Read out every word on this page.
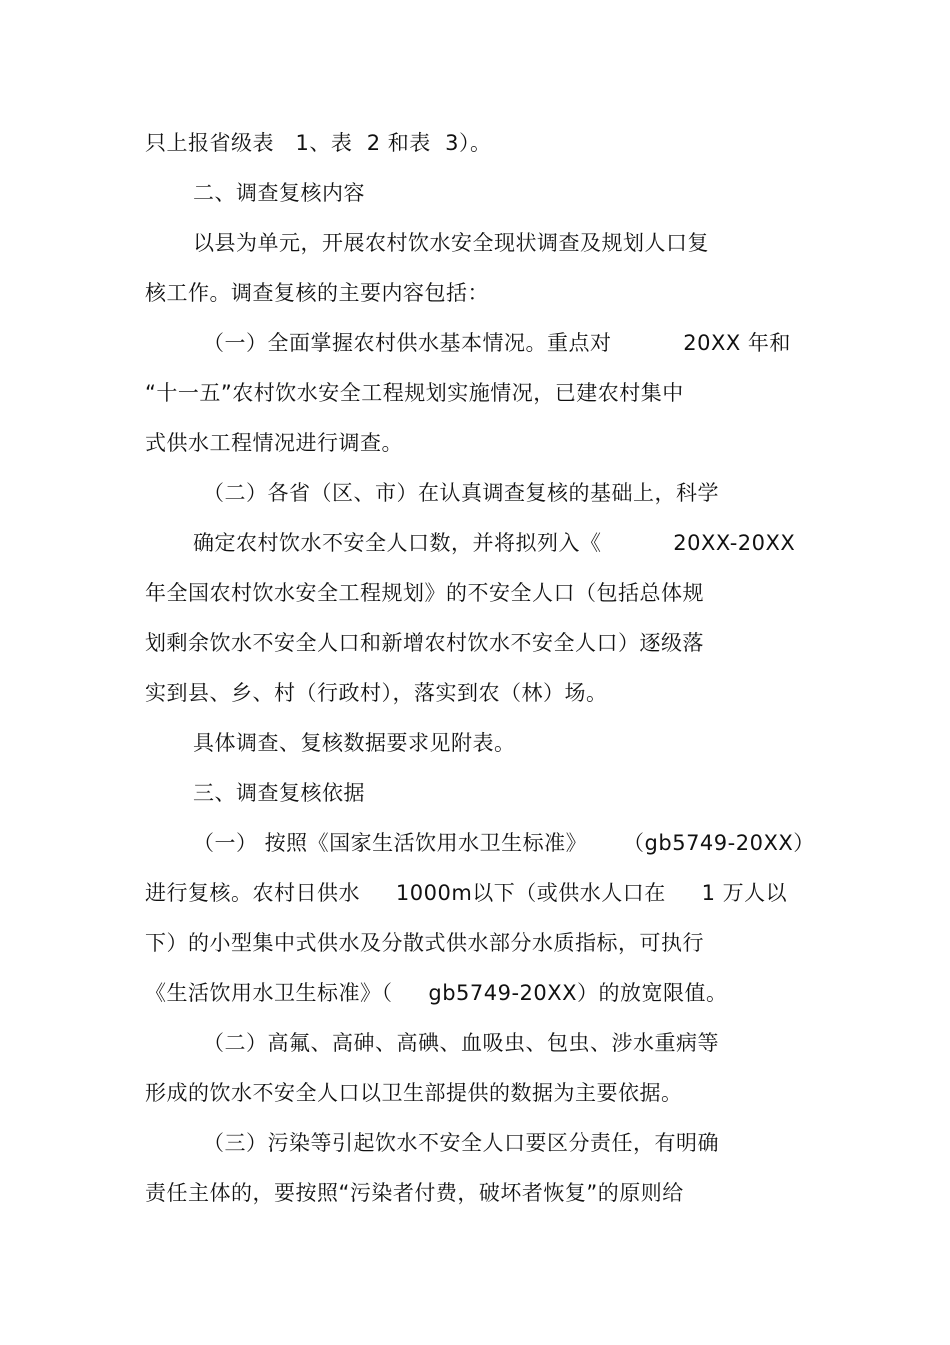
只上报省级表   1、表  2 和表  3）。
二、调查复核内容
以县为单元，开展农村饮水安全现状调查及规划人口复
核工作。调查复核的主要内容包括：
（一）全面掌握农村供水基本情况。重点对          20XX 年和
“十一五”农村饮水安全工程规划实施情况，已建农村集中
式供水工程情况进行调查。
（二）各省（区、市）在认真调查复核的基础上，科学
确定农村饮水不安全人口数，并将拟列入《          20XX-20XX
年全国农村饮水安全工程规划》的不安全人口（包括总体规
划剩余饮水不安全人口和新增农村饮水不安全人口）逐级落
实到县、乡、村（行政村），落实到农（林）场。
具体调查、复核数据要求见附表。
三、调查复核依据
（一） 按照《国家生活饮用水卫生标准》     （gb5749-20XX）
进行复核。农村日供水     1000m以下（或供水人口在     1 万人以
下）的小型集中式供水及分散式供水部分水质指标，可执行
《生活饮用水卫生标准》（     gb5749-20XX）的放宽限值。
（二）高氟、高砷、高碘、血吸虫、包虫、涉水重病等
形成的饮水不安全人口以卫生部提供的数据为主要依据。
（三）污染等引起饮水不安全人口要区分责任，有明确
责任主体的，要按照“污染者付费，破坏者恢复”的原则给
